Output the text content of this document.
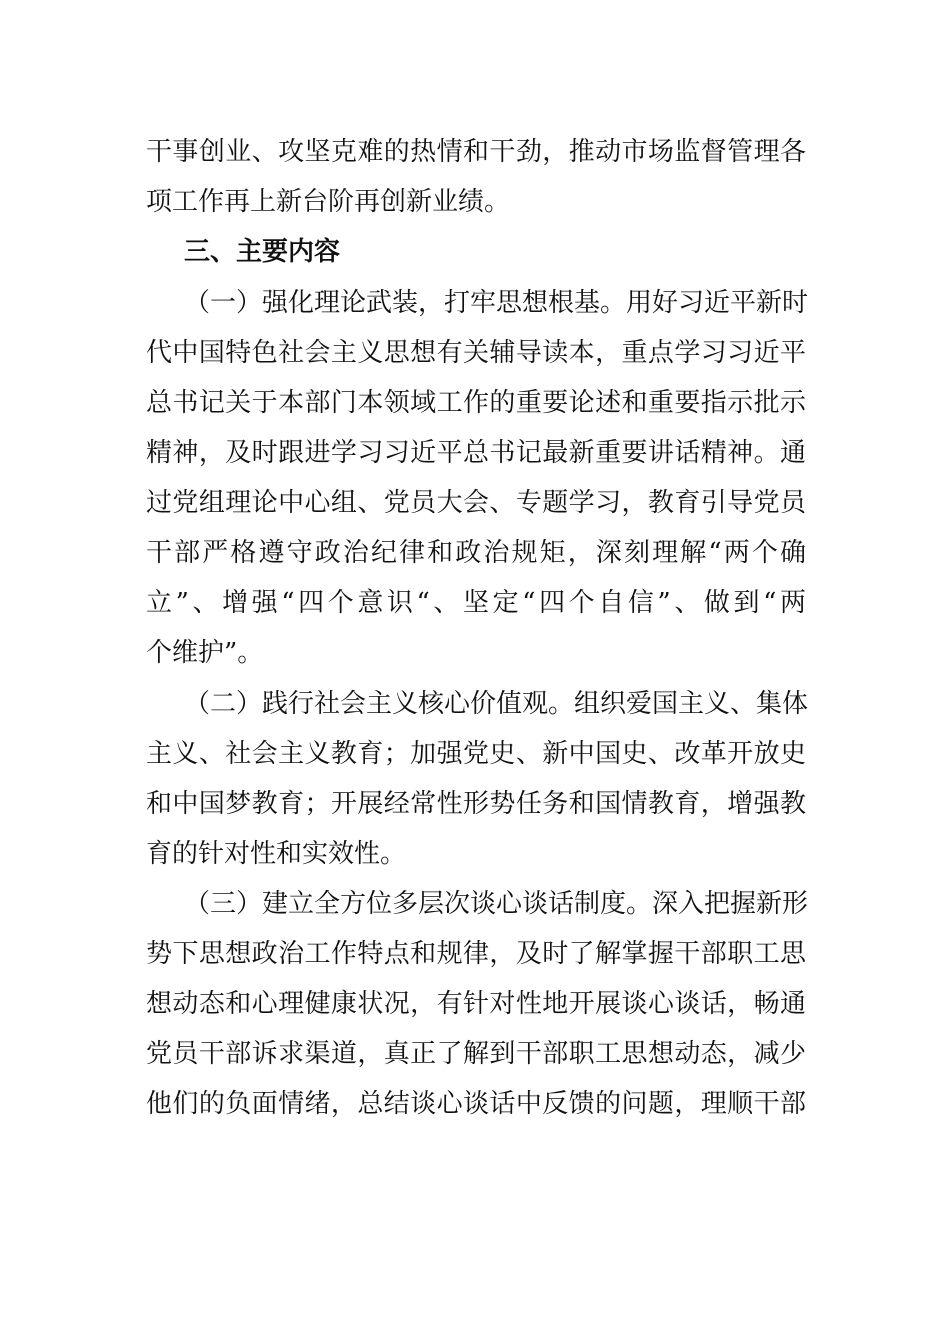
干事创业、攻坚克难的热情和干劲，推动市场监督管理各
项工作再上新台阶再创新业绩。
三、主要内容
（一）强化理论武装，打牢思想根基。用好习近平新时
代中国特色社会主义思想有关辅导读本，重点学习习近平
总书记关于本部门本领域工作的重要论述和重要指示批示
精神，及时跟进学习习近平总书记最新重要讲话精神。通
过党组理论中心组、党员大会、专题学习，教育引导党员
干部严格遵守政治纪律和政治规矩，深刻理解“两个确
立”、增强“四个意识“、坚定“四个自信”、做到“两
个维护”。
（二）践行社会主义核心价值观。组织爱国主义、集体
主义、社会主义教育；加强党史、新中国史、改革开放史
和中国梦教育；开展经常性形势任务和国情教育，增强教
育的针对性和实效性。
（三）建立全方位多层次谈心谈话制度。深入把握新形
势下思想政治工作特点和规律，及时了解掌握干部职工思
想动态和心理健康状况，有针对性地开展谈心谈话，畅通
党员干部诉求渠道，真正了解到干部职工思想动态，减少
他们的负面情绪，总结谈心谈话中反馈的问题，理顺干部
